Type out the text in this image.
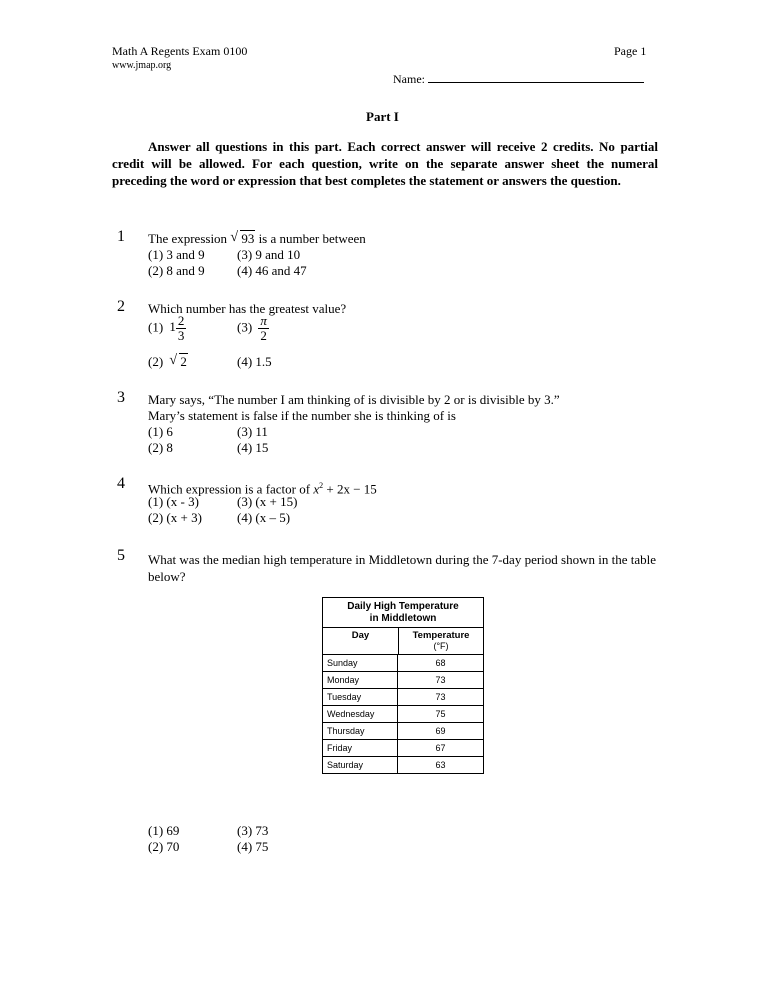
Math A Regents Exam 0100
www.jmap.org
Page 1
Name:
Part I
Answer all questions in this part. Each correct answer will receive 2 credits. No partial credit will be allowed. For each question, write on the separate answer sheet the numeral preceding the word or expression that best completes the statement or answers the question.
1 The expression √ 93 is a number between
(1) 3 and 9
(2) 8 and 9
(3) 9 and 10
(4) 46 and 47
2 Which number has the greatest value?
(1) $1 \frac{2}{3}$	$(3) \frac{\pi}{2}$
(2) √ 2	(4) 1.5
3 Mary says, “The number I am thinking of is divisible by 2 or is divisible by 3.”
Mary’s statement is false if the number she is thinking of is
(1) 6
(2) 8
(3) 11
(4) 15
4 Which expression is a factor of $x^2 + 2x - 15$
(1) (x - 3)
(2) (x + 3)
(3) (x + 15)
(4) (x – 5)
5 What was the median high temperature in Middletown during the 7-day period shown in the table below?
Daily High Temperature
in Middletown
Day	Temperature
(°F)
Sunday	68
Monday	73
Tuesday	73
Wednesday	75
Thursday	69
Friday	67
Saturday	63
(1) 69
(2) 70
(3) 73
(4) 75
